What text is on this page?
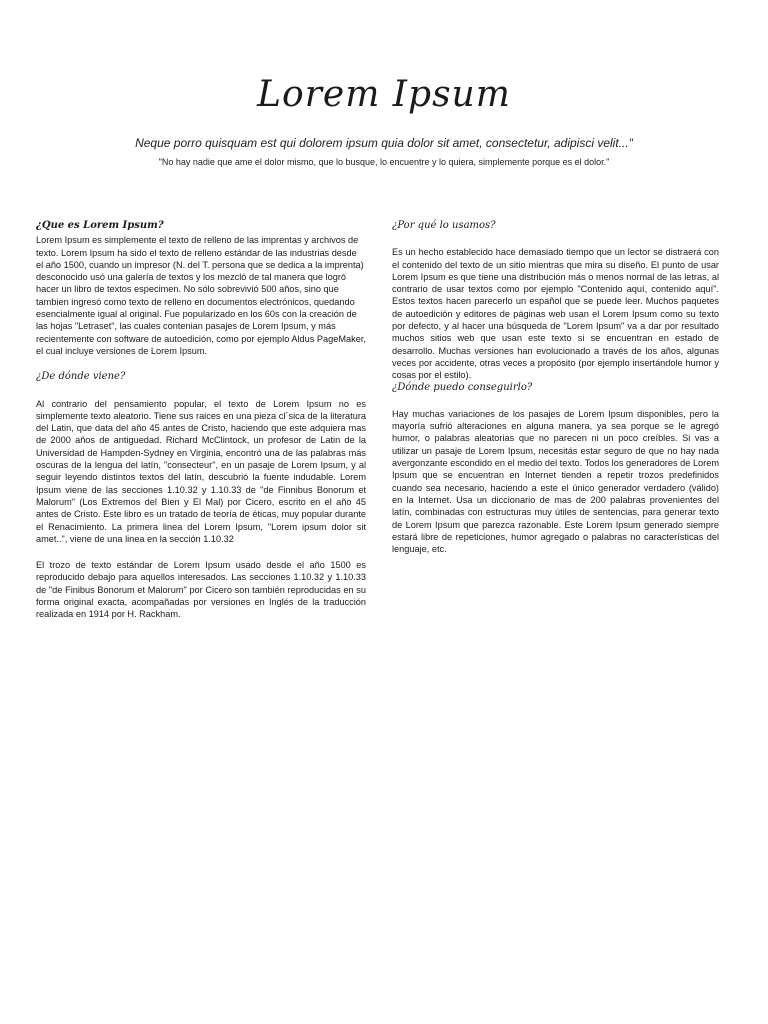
Lorem Ipsum
Neque porro quisquam est qui dolorem ipsum quia dolor sit amet, consectetur, adipisci velit..."
"No hay nadie que ame el dolor mismo, que lo busque, lo encuentre y lo quiera, simplemente porque es el dolor."
¿Que es Lorem Ipsum?

Lorem Ipsum es simplemente el texto de relleno de las imprentas y archivos de texto. Lorem Ipsum ha sido el texto de relleno estándar de las industrias desde el año 1500, cuando un impresor (N. del T. persona que se dedica a la imprenta) desconocido usó una galería de textos y los mezcló de tal manera que logró hacer un libro de textos especimen. No sólo sobrevivió 500 años, sino que tambien ingresó como texto de relleno en documentos electrónicos, quedando esencialmente igual al original. Fue popularizado en los 60s con la creación de las hojas "Letraset", las cuales contenian pasajes de Lorem Ipsum, y más recientemente con software de autoedición, como por ejemplo Aldus PageMaker, el cual incluye versiones de Lorem Ipsum.

¿De dónde viene?

Al contrario del pensamiento popular, el texto de Lorem Ipsum no es simplemente texto aleatorio. Tiene sus raices en una pieza cl´sica de la literatura del Latin, que data del año 45 antes de Cristo, haciendo que este adquiera mas de 2000 años de antiguedad. Richard McClintock, un profesor de Latin de la Universidad de Hampden-Sydney en Virginia, encontró una de las palabras más oscuras de la lengua del latín, "consecteur", en un pasaje de Lorem Ipsum, y al seguir leyendo distintos textos del latín, descubrió la fuente indudable. Lorem Ipsum viene de las secciones 1.10.32 y 1.10.33 de "de Finnibus Bonorum et Malorum" (Los Extremos del Bien y El Mal) por Cicero, escrito en el año 45 antes de Cristo. Este libro es un tratado de teoría de éticas, muy popular durante el Renacimiento. La primera linea del Lorem Ipsum, "Lorem ipsum dolor sit amet..", viene de una linea en la sección 1.10.32

El trozo de texto estándar de Lorem Ipsum usado desde el año 1500 es reproducido debajo para aquellos interesados. Las secciones 1.10.32 y 1.10.33 de "de Finibus Bonorum et Malorum" por Cicero son también reproducidas en su forma original exacta, acompañadas por versiones en Inglés de la traducción realizada en 1914 por H. Rackham.

¿Por qué lo usamos?

Es un hecho establecido hace demasiado tiempo que un lector se distraerá con el contenido del texto de un sitio mientras que mira su diseño. El punto de usar Lorem Ipsum es que tiene una distribución más o menos normal de las letras, al contrario de usar textos como por ejemplo "Contenido aquí, contenido aquí". Estos textos hacen parecerlo un español que se puede leer. Muchos paquetes de autoedición y editores de páginas web usan el Lorem Ipsum como su texto por defecto, y al hacer una búsqueda de "Lorem Ipsum" va a dar por resultado muchos sitios web que usan este texto si se encuentran en estado de desarrollo. Muchas versiones han evolucionado a través de los años, algunas veces por accidente, otras veces a propósito (por ejemplo insertándole humor y cosas por el estilo).

¿Dónde puedo conseguirlo?

Hay muchas variaciones de los pasajes de Lorem Ipsum disponibles, pero la mayoría sufrió alteraciones en alguna manera, ya sea porque se le agregó humor, o palabras aleatorias que no parecen ni un poco creíbles. Si vas a utilizar un pasaje de Lorem Ipsum, necesitás estar seguro de que no hay nada avergonzante escondido en el medio del texto. Todos los generadores de Lorem Ipsum que se encuentran en Internet tienden a repetir trozos predefinidos cuando sea necesario, haciendo a este el único generador verdadero (válido) en la Internet. Usa un diccionario de mas de 200 palabras provenientes del latín, combinadas con estructuras muy útiles de sentencias, para generar texto de Lorem Ipsum que parezca razonable. Este Lorem Ipsum generado siempre estará libre de repeticiones, humor agregado o palabras no características del lenguaje, etc.
